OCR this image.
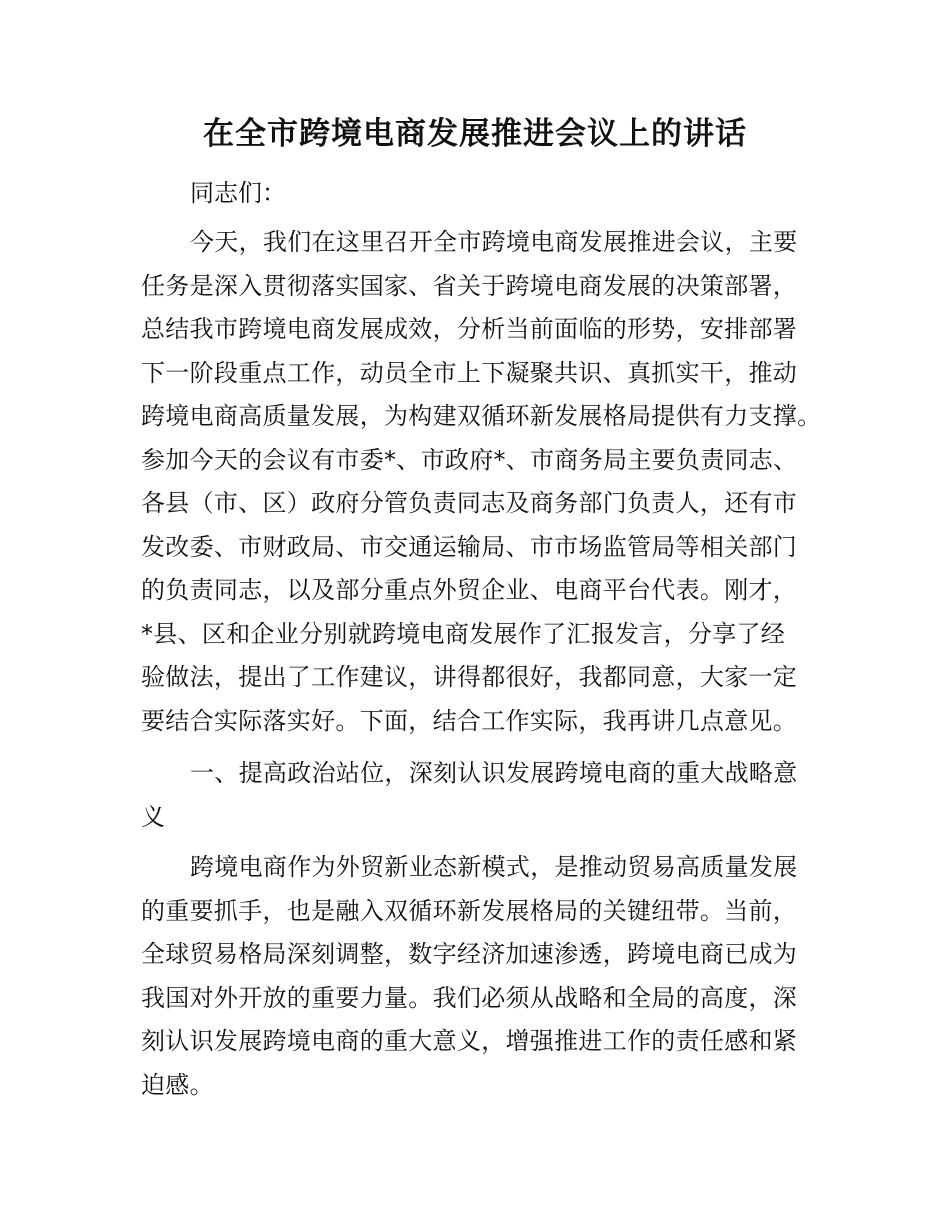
在全市跨境电商发展推进会议上的讲话

同志们：

今天，我们在这里召开全市跨境电商发展推进会议，主要
任务是深入贯彻落实国家、省关于跨境电商发展的决策部署，
总结我市跨境电商发展成效，分析当前面临的形势，安排部署
下一阶段重点工作，动员全市上下凝聚共识、真抓实干，推动
跨境电商高质量发展，为构建双循环新发展格局提供有力支撑。
参加今天的会议有市委*、市政府*、市商务局主要负责同志、
各县（市、区）政府分管负责同志及商务部门负责人，还有市
发改委、市财政局、市交通运输局、市市场监管局等相关部门
的负责同志，以及部分重点外贸企业、电商平台代表。刚才，
*县、区和企业分别就跨境电商发展作了汇报发言，分享了经
验做法，提出了工作建议，讲得都很好，我都同意，大家一定
要结合实际落实好。下面，结合工作实际，我再讲几点意见。
一、提高政治站位，深刻认识发展跨境电商的重大战略意
义
跨境电商作为外贸新业态新模式，是推动贸易高质量发展
的重要抓手，也是融入双循环新发展格局的关键纽带。当前，
全球贸易格局深刻调整，数字经济加速渗透，跨境电商已成为
我国对外开放的重要力量。我们必须从战略和全局的高度，深
刻认识发展跨境电商的重大意义，增强推进工作的责任感和紧
迫感。
